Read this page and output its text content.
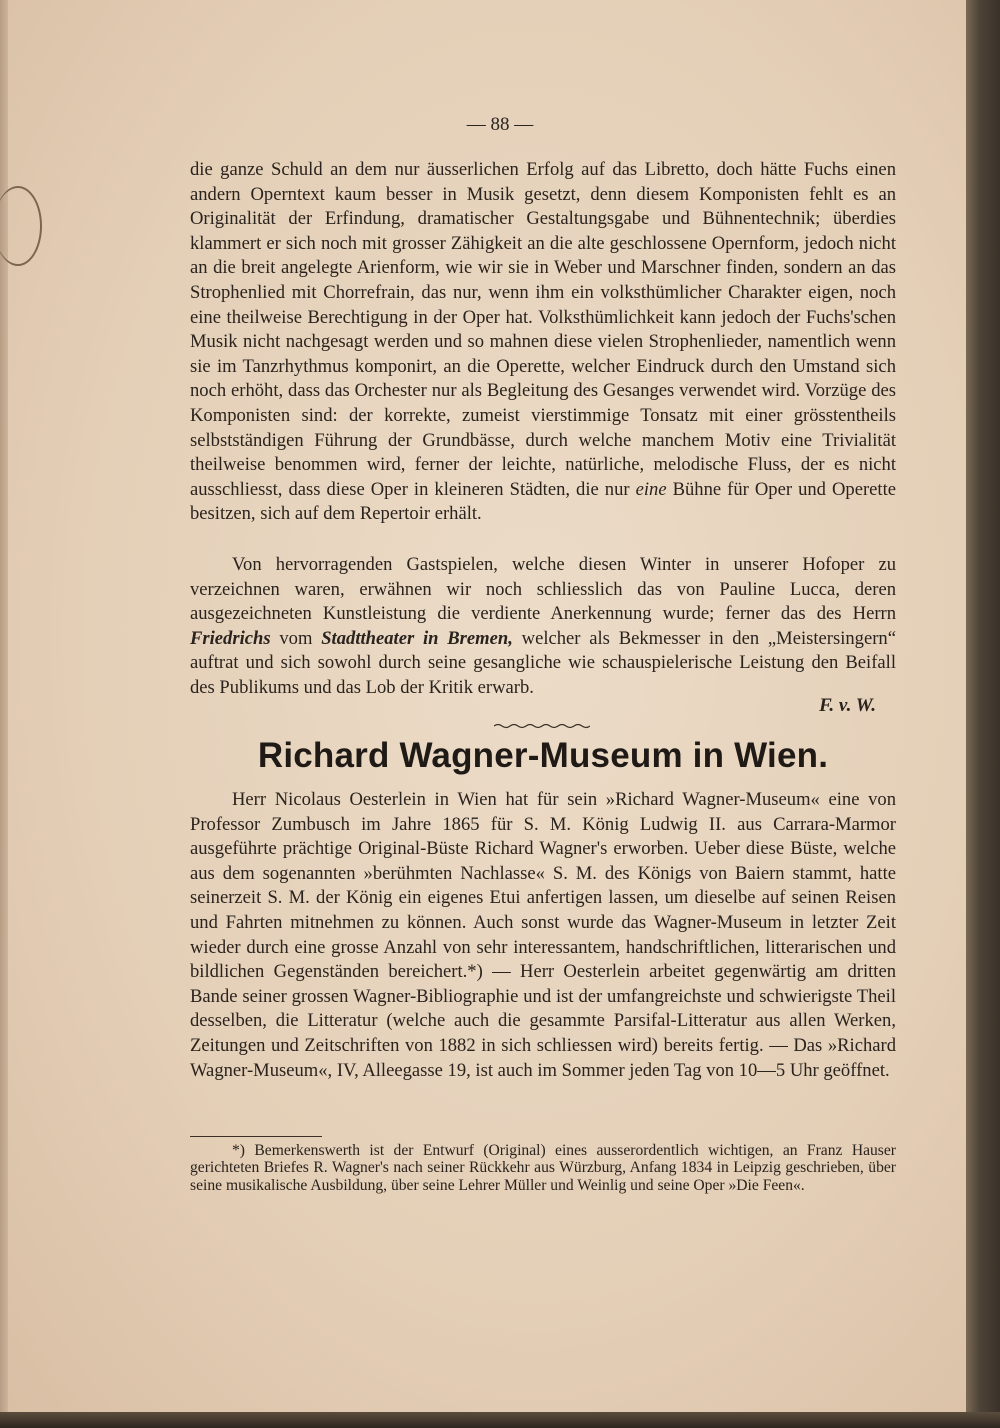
— 88 —
die ganze Schuld an dem nur äusserlichen Erfolg auf das Libretto, doch hätte Fuchs einen andern Operntext kaum besser in Musik gesetzt, denn diesem Komponisten fehlt es an Originalität der Erfindung, dramatischer Gestaltungsgabe und Bühnentechnik; überdies klammert er sich noch mit grosser Zähigkeit an die alte geschlossene Opernform, jedoch nicht an die breit angelegte Arienform, wie wir sie in Weber und Marschner finden, sondern an das Strophenlied mit Chorrefrain, das nur, wenn ihm ein volksthümlicher Charakter eigen, noch eine theilweise Berechtigung in der Oper hat. Volksthümlichkeit kann jedoch der Fuchs'schen Musik nicht nachgesagt werden und so mahnen diese vielen Strophenlieder, namentlich wenn sie im Tanzrhythmus komponirt, an die Operette, welcher Eindruck durch den Umstand sich noch erhöht, dass das Orchester nur als Begleitung des Gesanges verwendet wird. Vorzüge des Komponisten sind: der korrekte, zumeist vierstimmige Tonsatz mit einer grösstentheils selbstständigen Führung der Grundbässe, durch welche manchem Motiv eine Trivialität theilweise benommen wird, ferner der leichte, natürliche, melodische Fluss, der es nicht ausschliesst, dass diese Oper in kleineren Städten, die nur eine Bühne für Oper und Operette besitzen, sich auf dem Repertoir erhält.
Von hervorragenden Gastspielen, welche diesen Winter in unserer Hofoper zu verzeichnen waren, erwähnen wir noch schliesslich das von Pauline Lucca, deren ausgezeichneten Kunstleistung die verdiente Anerkennung wurde; ferner das des Herrn Friedrichs vom Stadttheater in Bremen, welcher als Bekmesser in den „Meistersingern“ auftrat und sich sowohl durch seine gesangliche wie schauspielerische Leistung den Beifall des Publikums und das Lob der Kritik erwarb.
F. v. W.
Richard Wagner-Museum in Wien.
Herr Nicolaus Oesterlein in Wien hat für sein »Richard Wagner-Museum« eine von Professor Zumbusch im Jahre 1865 für S. M. König Ludwig II. aus Carrara-Marmor ausgeführte prächtige Original-Büste Richard Wagner's erworben. Ueber diese Büste, welche aus dem sogenannten »berühmten Nachlasse« S. M. des Königs von Baiern stammt, hatte seinerzeit S. M. der König ein eigenes Etui anfertigen lassen, um dieselbe auf seinen Reisen und Fahrten mitnehmen zu können. Auch sonst wurde das Wagner-Museum in letzter Zeit wieder durch eine grosse Anzahl von sehr interessantem, handschriftlichen, litterarischen und bildlichen Gegenständen bereichert.*) — Herr Oesterlein arbeitet gegenwärtig am dritten Bande seiner grossen Wagner-Bibliographie und ist der umfangreichste und schwierigste Theil desselben, die Litteratur (welche auch die gesammte Parsifal-Litteratur aus allen Werken, Zeitungen und Zeitschriften von 1882 in sich schliessen wird) bereits fertig. — Das »Richard Wagner-Museum«, IV, Alleegasse 19, ist auch im Sommer jeden Tag von 10—5 Uhr geöffnet.
*) Bemerkenswerth ist der Entwurf (Original) eines ausserordentlich wichtigen, an Franz Hauser gerichteten Briefes R. Wagner's nach seiner Rückkehr aus Würzburg, Anfang 1834 in Leipzig geschrieben, über seine musikalische Ausbildung, über seine Lehrer Müller und Weinlig und seine Oper »Die Feen«.
